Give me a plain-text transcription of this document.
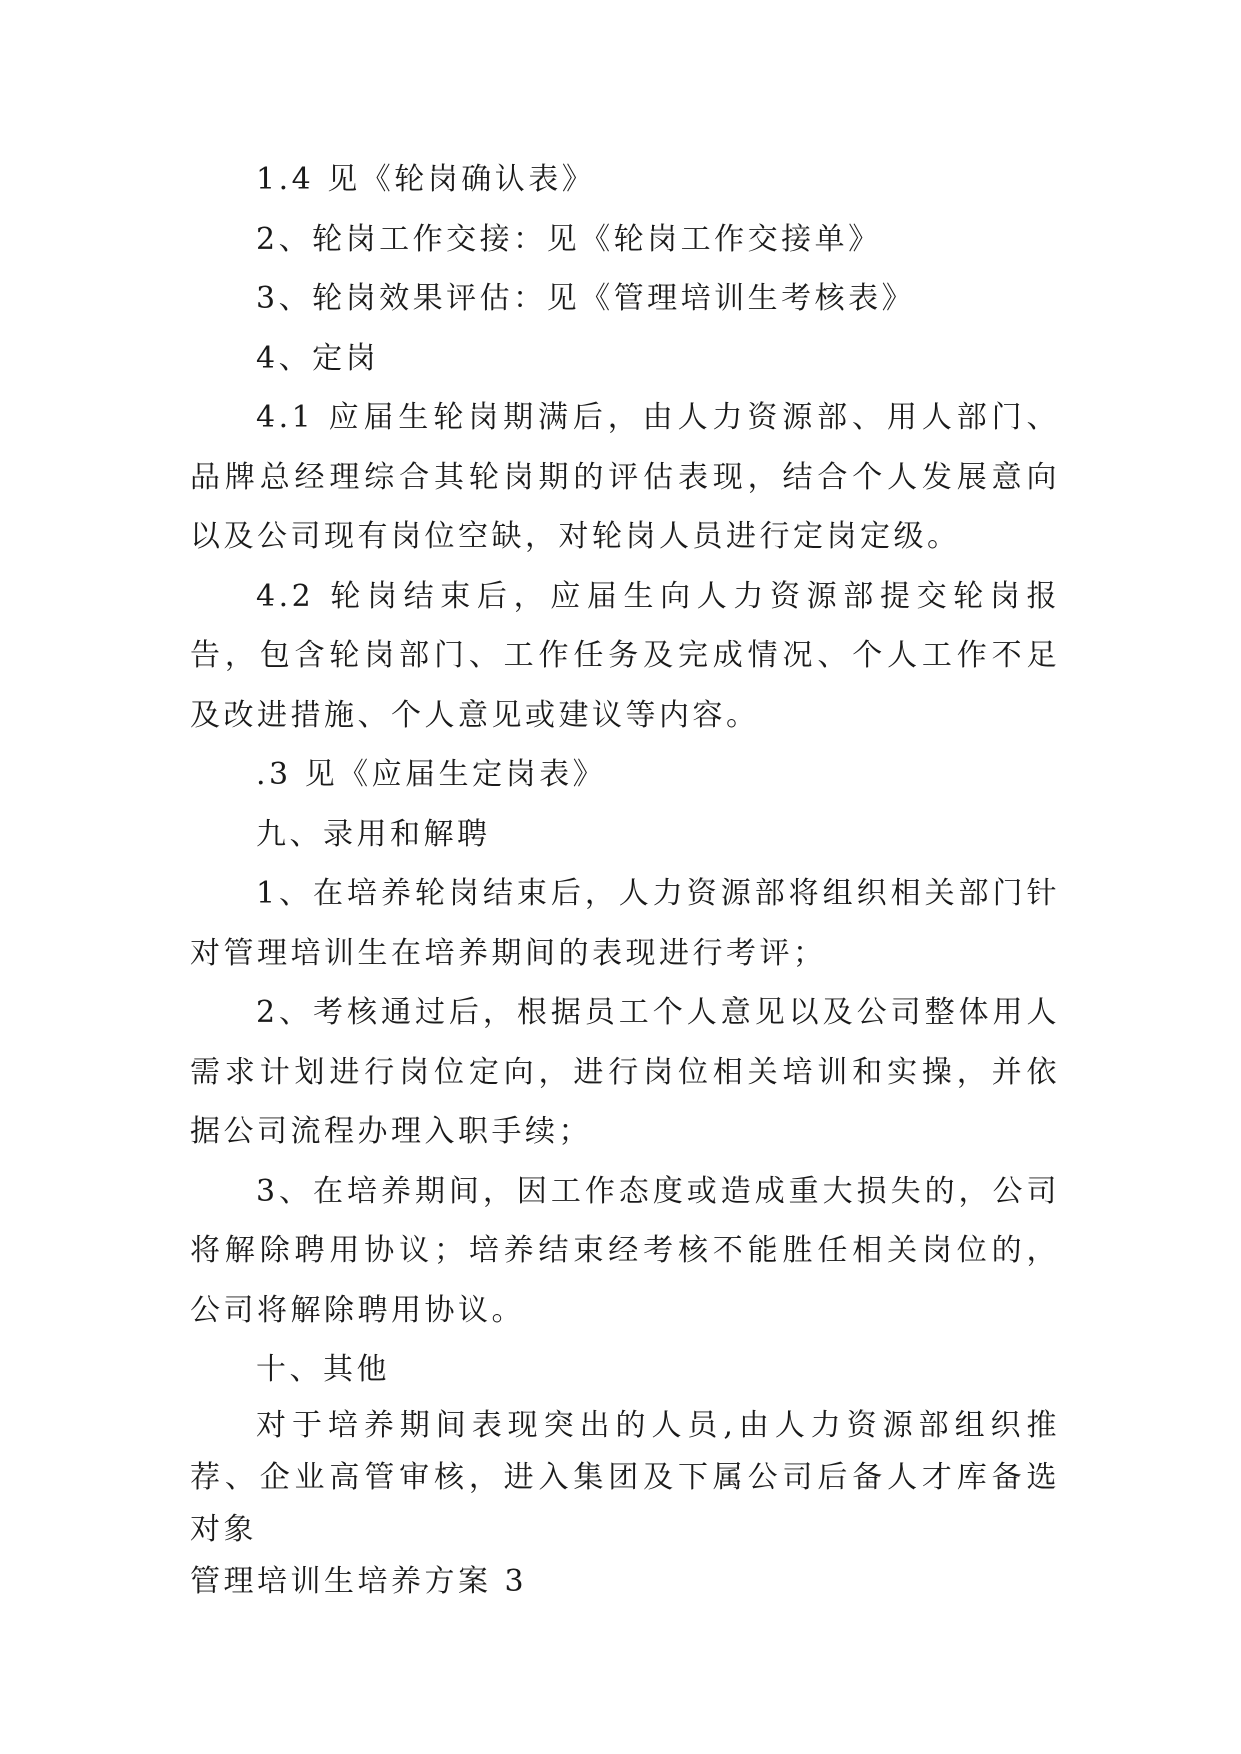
1.4 见《轮岗确认表》

2、轮岗工作交接：见《轮岗工作交接单》

3、轮岗效果评估：见《管理培训生考核表》

4、定岗

4.1 应届生轮岗期满后，由人力资源部、用人部门、品牌总经理综合其轮岗期的评估表现，结合个人发展意向以及公司现有岗位空缺，对轮岗人员进行定岗定级。

4.2 轮岗结束后，应届生向人力资源部提交轮岗报告，包含轮岗部门、工作任务及完成情况、个人工作不足及改进措施、个人意见或建议等内容。

.3 见《应届生定岗表》

九、录用和解聘

1、在培养轮岗结束后，人力资源部将组织相关部门针对管理培训生在培养期间的表现进行考评；

2、考核通过后，根据员工个人意见以及公司整体用人需求计划进行岗位定向，进行岗位相关培训和实操，并依据公司流程办理入职手续；

3、在培养期间，因工作态度或造成重大损失的，公司将解除聘用协议；培养结束经考核不能胜任相关岗位的，公司将解除聘用协议。

十、其他

对于培养期间表现突出的人员,由人力资源部组织推荐、企业高管审核，进入集团及下属公司后备人才库备选对象

管理培训生培养方案 3
